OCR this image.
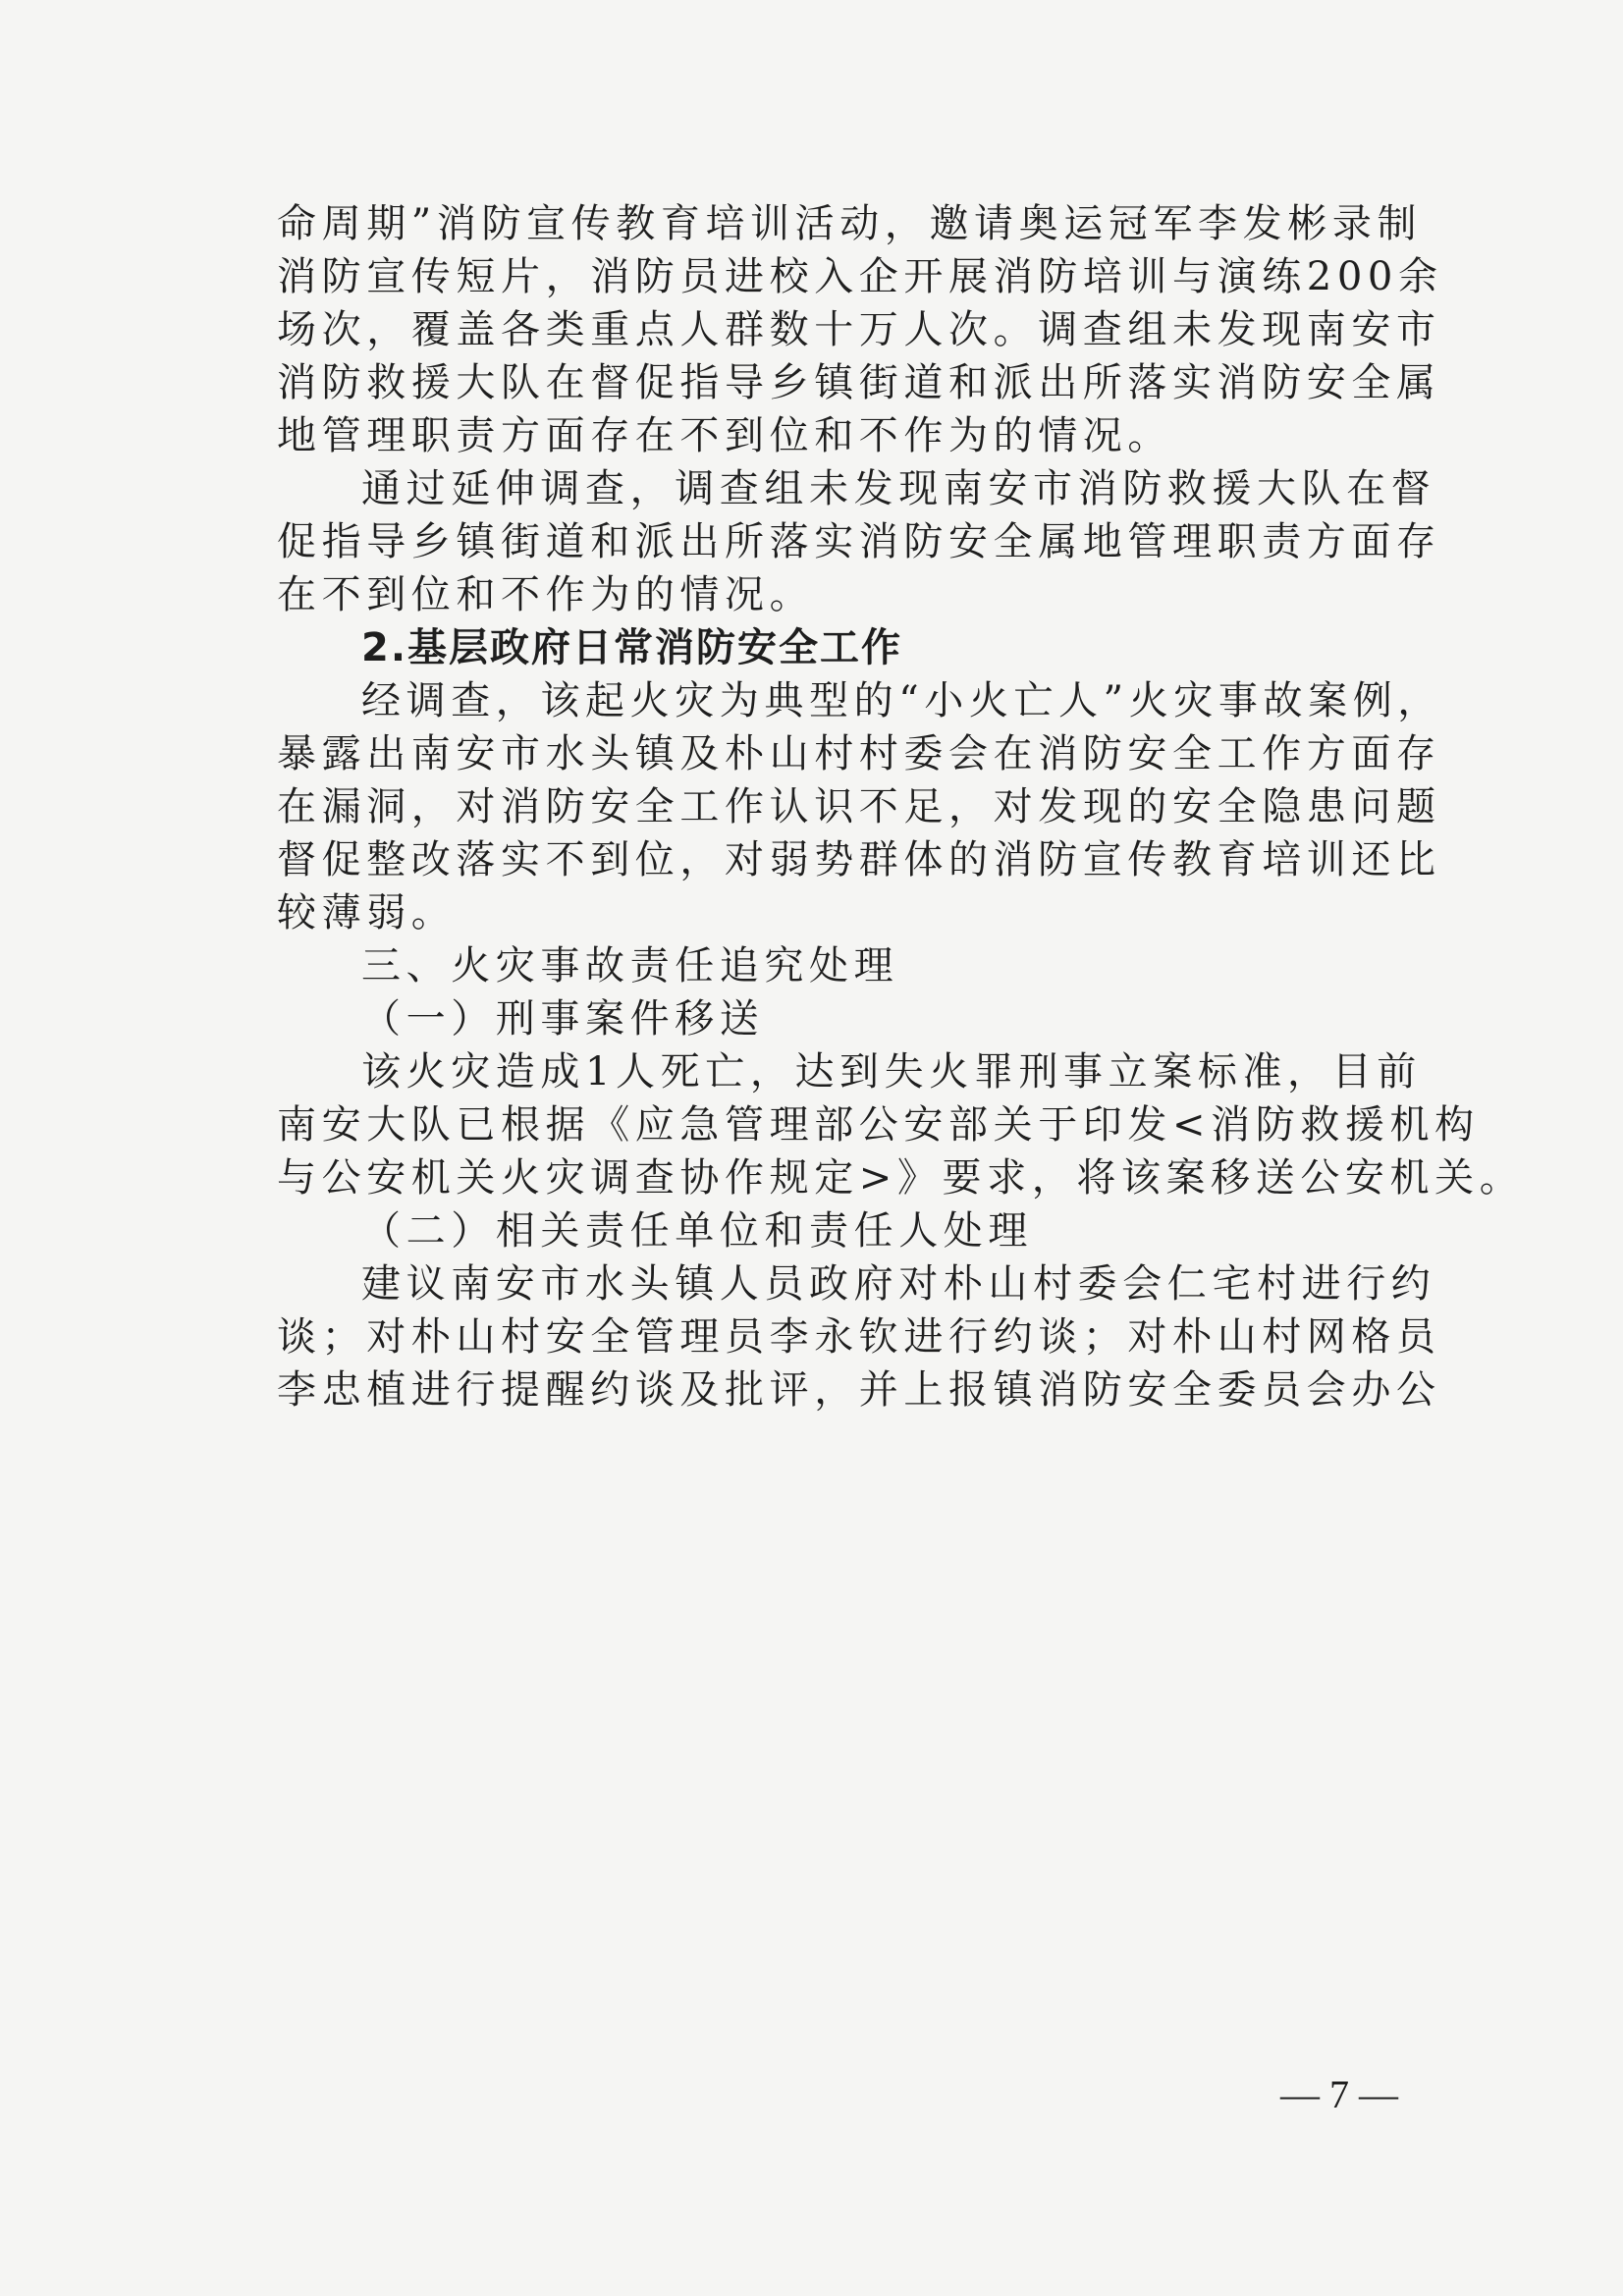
命周期”消防宣传教育培训活动，邀请奥运冠军李发彬录制
消防宣传短片，消防员进校入企开展消防培训与演练200余
场次，覆盖各类重点人群数十万人次。调查组未发现南安市
消防救援大队在督促指导乡镇街道和派出所落实消防安全属
地管理职责方面存在不到位和不作为的情况。
通过延伸调查，调查组未发现南安市消防救援大队在督
促指导乡镇街道和派出所落实消防安全属地管理职责方面存
在不到位和不作为的情况。
2.基层政府日常消防安全工作
经调查，该起火灾为典型的“小火亡人”火灾事故案例，
暴露出南安市水头镇及朴山村村委会在消防安全工作方面存
在漏洞，对消防安全工作认识不足，对发现的安全隐患问题
督促整改落实不到位，对弱势群体的消防宣传教育培训还比
较薄弱。
三、火灾事故责任追究处理
（一）刑事案件移送
该火灾造成1人死亡，达到失火罪刑事立案标准，目前
南安大队已根据《应急管理部公安部关于印发<消防救援机构
与公安机关火灾调查协作规定>》要求，将该案移送公安机关。
（二）相关责任单位和责任人处理
建议南安市水头镇人员政府对朴山村委会仁宅村进行约
谈；对朴山村安全管理员李永钦进行约谈；对朴山村网格员
李忠植进行提醒约谈及批评，并上报镇消防安全委员会办公
— 7 —
